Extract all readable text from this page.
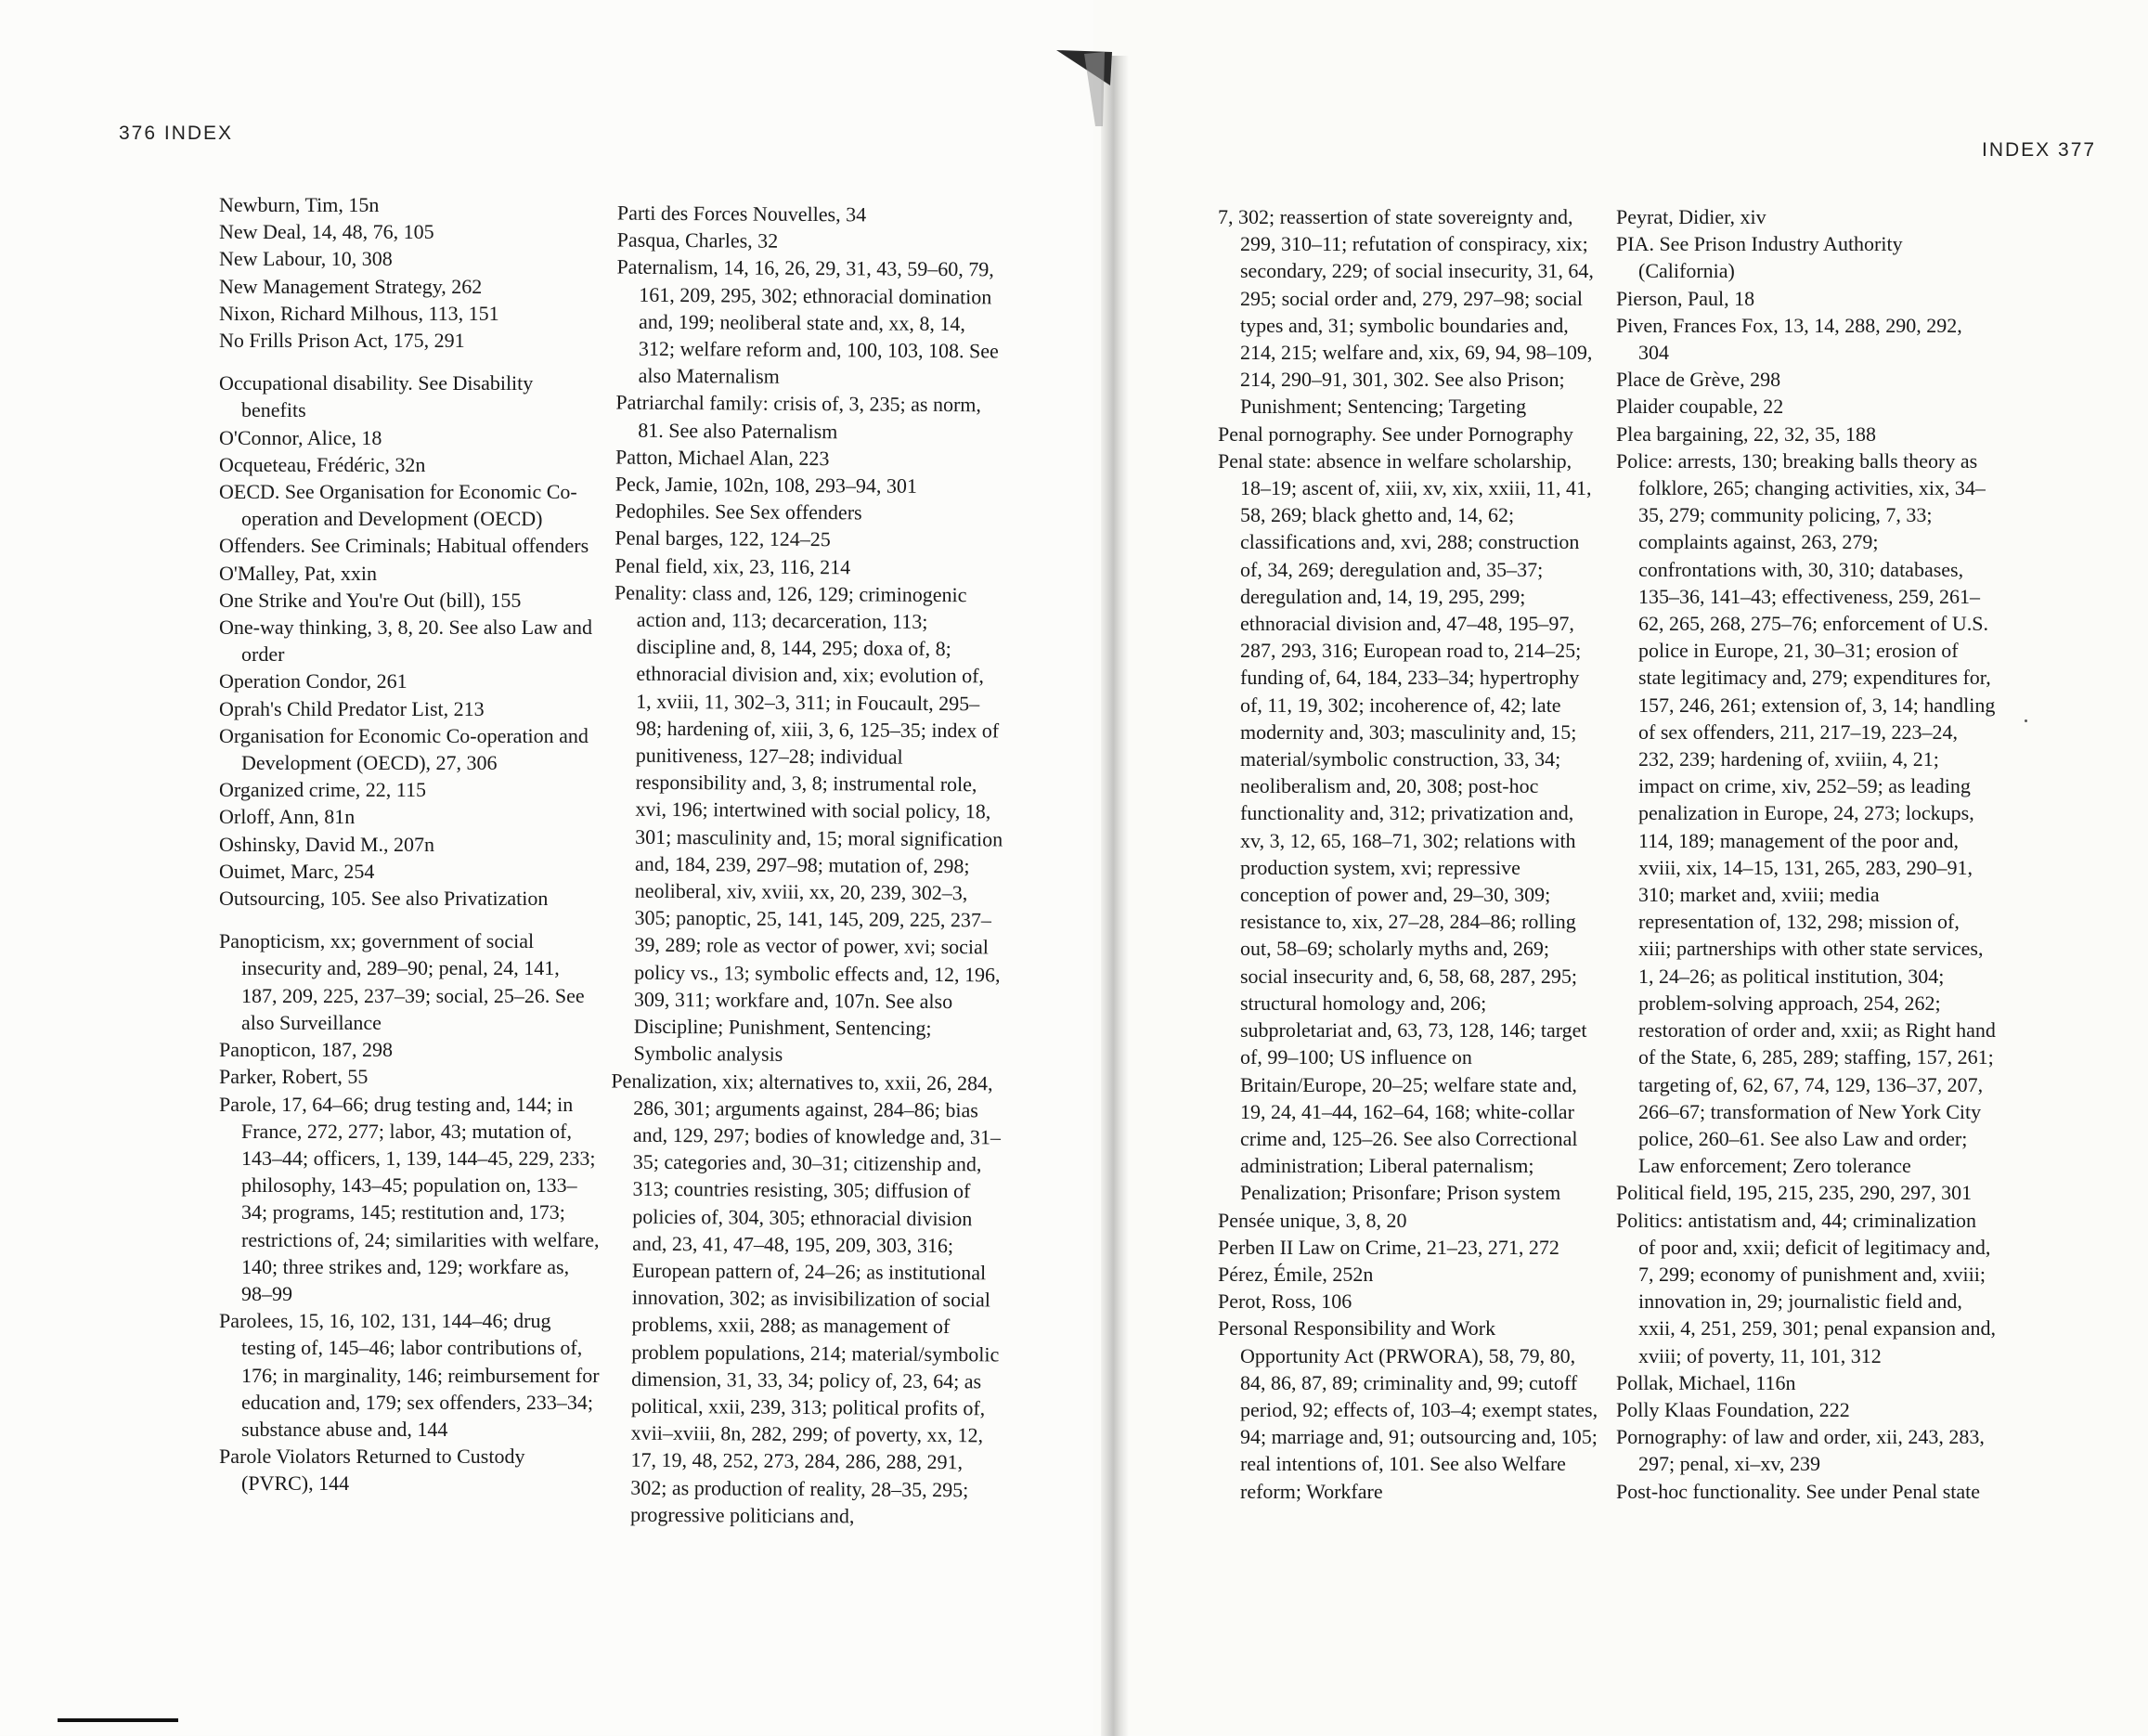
376 INDEX
INDEX 377

Newburn, Tim, 15n

New Deal, 14, 48, 76, 105

New Labour, 10, 308

New Management Strategy, 262

Nixon, Richard Milhous, 113, 151

No Frills Prison Act, 175, 291

Occupational disability. See Disability benefits

O'Connor, Alice, 18

Ocqueteau, Frédéric, 32n

OECD. See Organisation for Economic Co-operation and Development (OECD)

Offenders. See Criminals; Habitual offenders

O'Malley, Pat, xxin

One Strike and You're Out (bill), 155

One-way thinking, 3, 8, 20. See also Law and order

Operation Condor, 261

Oprah's Child Predator List, 213

Organisation for Economic Co-operation and Development (OECD), 27, 306

Organized crime, 22, 115

Orloff, Ann, 81n

Oshinsky, David M., 207n

Ouimet, Marc, 254

Outsourcing, 105. See also Privatization

Panopticism, xx; government of social insecurity and, 289–90; penal, 24, 141, 187, 209, 225, 237–39; social, 25–26. See also Surveillance

Panopticon, 187, 298

Parker, Robert, 55

Parole, 17, 64–66; drug testing and, 144; in France, 272, 277; labor, 43; mutation of, 143–44; officers, 1, 139, 144–45, 229, 233; philosophy, 143–45; population on, 133–34; programs, 145; restitution and, 173; restrictions of, 24; similarities with welfare, 140; three strikes and, 129; workfare as, 98–99

Parolees, 15, 16, 102, 131, 144–46; drug testing of, 145–46; labor contributions of, 176; in marginality, 146; reimbursement for education and, 179; sex offenders, 233–34; substance abuse and, 144

Parole Violators Returned to Custody (PVRC), 144

Parti des Forces Nouvelles, 34

Pasqua, Charles, 32

Paternalism, 14, 16, 26, 29, 31, 43, 59–60, 79, 161, 209, 295, 302; ethnoracial domination and, 199; neoliberal state and, xx, 8, 14, 312; welfare reform and, 100, 103, 108. See also Maternalism

Patriarchal family: crisis of, 3, 235; as norm, 81. See also Paternalism

Patton, Michael Alan, 223

Peck, Jamie, 102n, 108, 293–94, 301

Pedophiles. See Sex offenders

Penal barges, 122, 124–25

Penal field, xix, 23, 116, 214

Penality: class and, 126, 129; criminogenic action and, 113; decarceration, 113; discipline and, 8, 144, 295; doxa of, 8; ethnoracial division and, xix; evolution of, 1, xviii, 11, 302–3, 311; in Foucault, 295–98; hardening of, xiii, 3, 6, 125–35; index of punitiveness, 127–28; individual responsibility and, 3, 8; instrumental role, xvi, 196; intertwined with social policy, 18, 301; masculinity and, 15; moral signification and, 184, 239, 297–98; mutation of, 298; neoliberal, xiv, xviii, xx, 20, 239, 302–3, 305; panoptic, 25, 141, 145, 209, 225, 237–39, 289; role as vector of power, xvi; social policy vs., 13; symbolic effects and, 12, 196, 309, 311; workfare and, 107n. See also Discipline; Punishment, Sentencing; Symbolic analysis

Penalization, xix; alternatives to, xxii, 26, 284, 286, 301; arguments against, 284–86; bias and, 129, 297; bodies of knowledge and, 31–35; categories and, 30–31; citizenship and, 313; countries resisting, 305; diffusion of policies of, 304, 305; ethnoracial division and, 23, 41, 47–48, 195, 209, 303, 316; European pattern of, 24–26; as institutional innovation, 302; as invisibilization of social problems, xxii, 288; as management of problem populations, 214; material/symbolic dimension, 31, 33, 34; policy of, 23, 64; as political, xxii, 239, 313; political profits of, xvii–xviii, 8n, 282, 299; of poverty, xx, 12, 17, 19, 48, 252, 273, 284, 286, 288, 291, 302; as production of reality, 28–35, 295; progressive politicians and,

7, 302; reassertion of state sovereignty and, 299, 310–11; refutation of conspiracy, xix; secondary, 229; of social insecurity, 31, 64, 295; social order and, 279, 297–98; social types and, 31; symbolic boundaries and, 214, 215; welfare and, xix, 69, 94, 98–109, 214, 290–91, 301, 302. See also Prison; Punishment; Sentencing; Targeting

Penal pornography. See under Pornography

Penal state: absence in welfare scholarship, 18–19; ascent of, xiii, xv, xix, xxiii, 11, 41, 58, 269; black ghetto and, 14, 62; classifications and, xvi, 288; construction of, 34, 269; deregulation and, 35–37; deregulation and, 14, 19, 295, 299; ethnoracial division and, 47–48, 195–97, 287, 293, 316; European road to, 214–25; funding of, 64, 184, 233–34; hypertrophy of, 11, 19, 302; incoherence of, 42; late modernity and, 303; masculinity and, 15; material/symbolic construction, 33, 34; neoliberalism and, 20, 308; post-hoc functionality and, 312; privatization and, xv, 3, 12, 65, 168–71, 302; relations with production system, xvi; repressive conception of power and, 29–30, 309; resistance to, xix, 27–28, 284–86; rolling out, 58–69; scholarly myths and, 269; social insecurity and, 6, 58, 68, 287, 295; structural homology and, 206; subproletariat and, 63, 73, 128, 146; target of, 99–100; US influence on Britain/Europe, 20–25; welfare state and, 19, 24, 41–44, 162–64, 168; white-collar crime and, 125–26. See also Correctional administration; Liberal paternalism; Penalization; Prisonfare; Prison system

Pensée unique, 3, 8, 20

Perben II Law on Crime, 21–23, 271, 272

Pérez, Émile, 252n

Perot, Ross, 106

Personal Responsibility and Work Opportunity Act (PRWORA), 58, 79, 80, 84, 86, 87, 89; criminality and, 99; cutoff period, 92; effects of, 103–4; exempt states, 94; marriage and, 91; outsourcing and, 105; real intentions of, 101. See also Welfare reform; Workfare

Peyrat, Didier, xiv

PIA. See Prison Industry Authority (California)

Pierson, Paul, 18

Piven, Frances Fox, 13, 14, 288, 290, 292, 304

Place de Grève, 298

Plaider coupable, 22

Plea bargaining, 22, 32, 35, 188

Police: arrests, 130; breaking balls theory as folklore, 265; changing activities, xix, 34–35, 279; community policing, 7, 33; complaints against, 263, 279; confrontations with, 30, 310; databases, 135–36, 141–43; effectiveness, 259, 261–62, 265, 268, 275–76; enforcement of U.S. police in Europe, 21, 30–31; erosion of state legitimacy and, 279; expenditures for, 157, 246, 261; extension of, 3, 14; handling of sex offenders, 211, 217–19, 223–24, 232, 239; hardening of, xviiin, 4, 21; impact on crime, xiv, 252–59; as leading penalization in Europe, 24, 273; lockups, 114, 189; management of the poor and, xviii, xix, 14–15, 131, 265, 283, 290–91, 310; market and, xviii; media representation of, 132, 298; mission of, xiii; partnerships with other state services, 1, 24–26; as political institution, 304; problem-solving approach, 254, 262; restoration of order and, xxii; as Right hand of the State, 6, 285, 289; staffing, 157, 261; targeting of, 62, 67, 74, 129, 136–37, 207, 266–67; transformation of New York City police, 260–61. See also Law and order; Law enforcement; Zero tolerance

Political field, 195, 215, 235, 290, 297, 301

Politics: antistatism and, 44; criminalization of poor and, xxii; deficit of legitimacy and, 7, 299; economy of punishment and, xviii; innovation in, 29; journalistic field and, xxii, 4, 251, 259, 301; penal expansion and, xviii; of poverty, 11, 101, 312

Pollak, Michael, 116n

Polly Klaas Foundation, 222

Pornography: of law and order, xii, 243, 283, 297; penal, xi–xv, 239

Post-hoc functionality. See under Penal state
